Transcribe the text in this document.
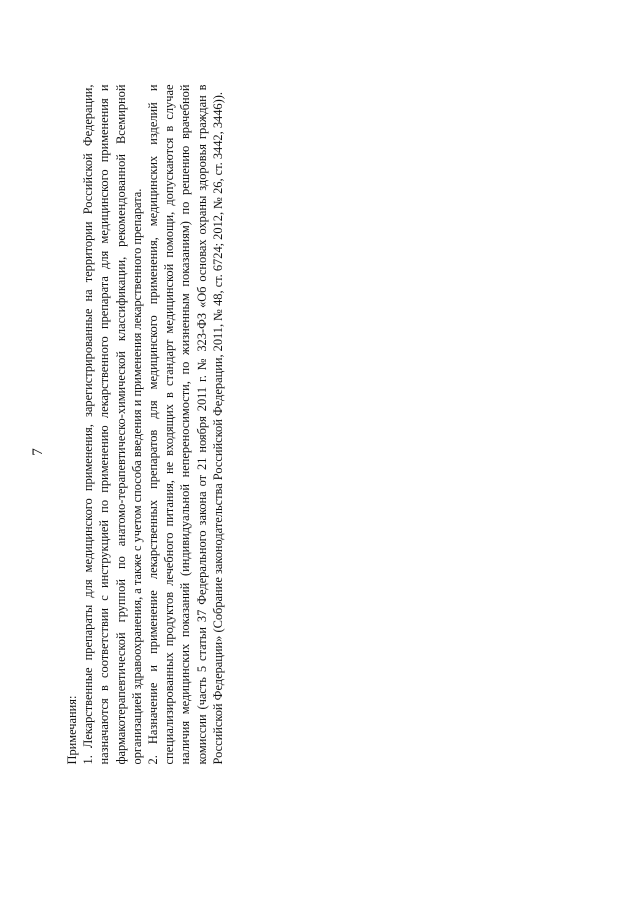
7

Примечания: 1. Лекарственные препараты для медицинского применения, зарегистрированные на территории Российской Федерации, назначаются в соответствии с инструкцией по применению лекарственного препарата для медицинского применения и фармакотерапевтической группой по анатомо-терапевтическо-химической классификации, рекомендованной Всемирной организацией здравоохранения, а также с учетом способа введения и применения лекарственного препарата. 2. Назначение и применение лекарственных препаратов для медицинского применения, медицинских изделий и специализированных продуктов лечебного питания, не входящих в стандарт медицинской помощи, допускаются в случае наличия медицинских показаний (индивидуальной непереносимости, по жизненным показаниям) по решению врачебной комиссии (часть 5 статьи 37 Федерального закона от 21 ноября 2011 г. № 323-ФЗ «Об основах охраны здоровья граждан в Российской Федерации» (Собрание законодательства Российской Федерации, 2011, № 48, ст. 6724; 2012, № 26, ст. 3442, 3446)).
